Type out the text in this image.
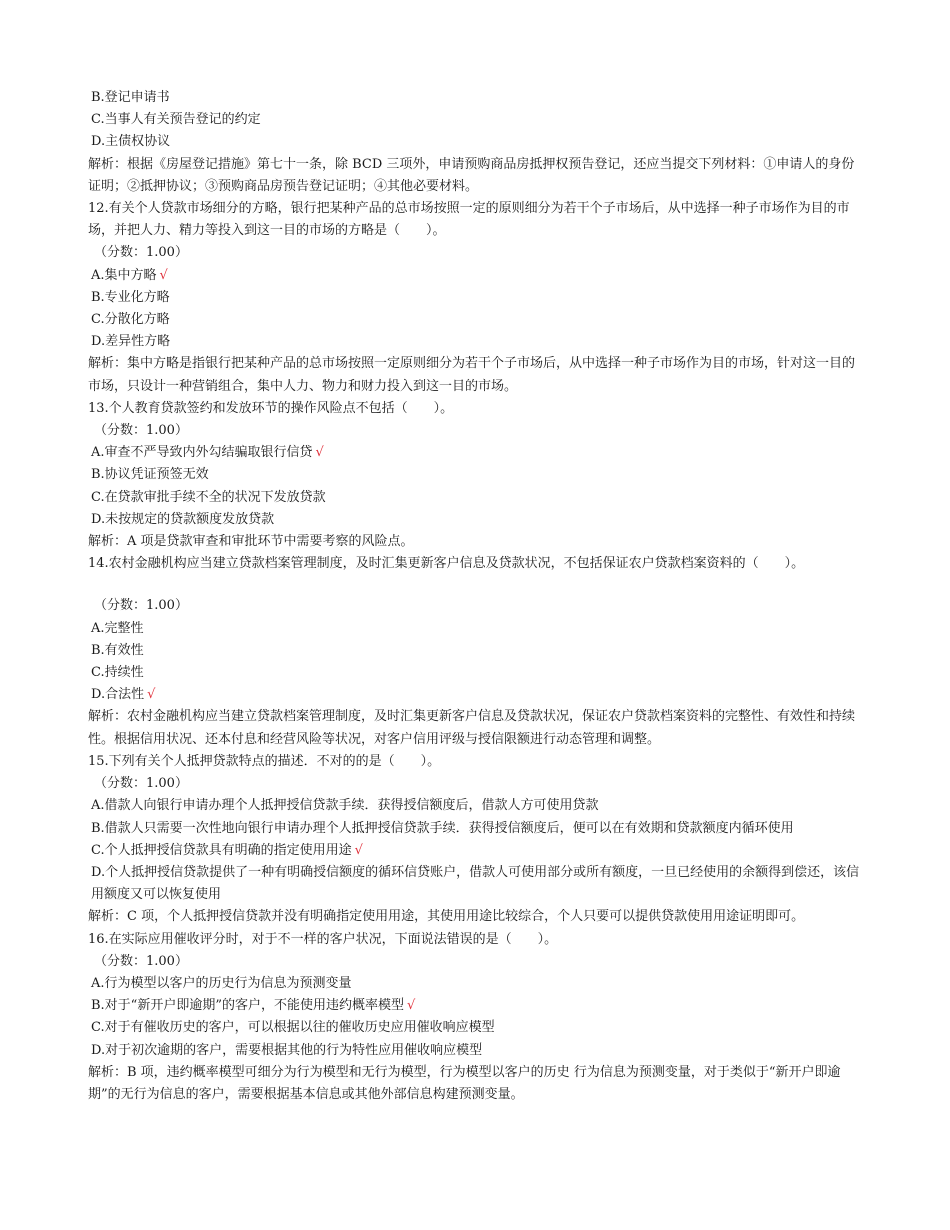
B.登记申请书

C.当事人有关预告登记的约定

D.主债权协议

解析：根据《房屋登记措施》第七十一条，除 BCD 三项外，申请预购商品房抵押权预告登记，还应当提交下列材料：①申请人的身份证明；②抵押协议；③预购商品房预告登记证明；④其他必要材料。

12.有关个人贷款市场细分的方略，银行把某种产品的总市场按照一定的原则细分为若干个子市场后，从中选择一种子市场作为目的市场，并把人力、精力等投入到这一目的市场的方略是（　　）。

（分数：1.00）

A.集中方略 √

B.专业化方略

C.分散化方略

D.差异性方略

解析：集中方略是指银行把某种产品的总市场按照一定原则细分为若干个子市场后，从中选择一种子市场作为目的市场，针对这一目的市场，只设计一种营销组合，集中人力、物力和财力投入到这一目的市场。

13.个人教育贷款签约和发放环节的操作风险点不包括（　　）。

（分数：1.00）

A.审查不严导致内外勾结骗取银行信贷 √

B.协议凭证预签无效

C.在贷款审批手续不全的状况下发放贷款

D.未按规定的贷款额度发放贷款

解析：A 项是贷款审查和审批环节中需要考察的风险点。

14.农村金融机构应当建立贷款档案管理制度，及时汇集更新客户信息及贷款状况，不包括保证农户贷款档案资料的（　　）。

（分数：1.00）

A.完整性

B.有效性

C.持续性

D.合法性 √

解析：农村金融机构应当建立贷款档案管理制度，及时汇集更新客户信息及贷款状况，保证农户贷款档案资料的完整性、有效性和持续性。根据信用状况、还本付息和经营风险等状况，对客户信用评级与授信限额进行动态管理和调整。

15.下列有关个人抵押贷款特点的描述．不对的的是（　　）。

（分数：1.00）

A.借款人向银行申请办理个人抵押授信贷款手续．获得授信额度后，借款人方可使用贷款

B.借款人只需要一次性地向银行申请办理个人抵押授信贷款手续．获得授信额度后，便可以在有效期和贷款额度内循环使用

C.个人抵押授信贷款具有明确的指定使用用途 √

D.个人抵押授信贷款提供了一种有明确授信额度的循环信贷账户，借款人可使用部分或所有额度，一旦已经使用的余额得到偿还，该信用额度又可以恢复使用

解析：C 项，个人抵押授信贷款并没有明确指定使用用途，其使用用途比较综合，个人只要可以提供贷款使用用途证明即可。

16.在实际应用催收评分时，对于不一样的客户状况，下面说法错误的是（　　）。

（分数：1.00）

A.行为模型以客户的历史行为信息为预测变量

B.对于“新开户即逾期”的客户，不能使用违约概率模型 √

C.对于有催收历史的客户，可以根据以往的催收历史应用催收响应模型

D.对于初次逾期的客户，需要根据其他的行为特性应用催收响应模型

解析：B 项，违约概率模型可细分为行为模型和无行为模型，行为模型以客户的历史 行为信息为预测变量，对于类似于“新开户即逾期”的无行为信息的客户，需要根据基本信息或其他外部信息构建预测变量。
